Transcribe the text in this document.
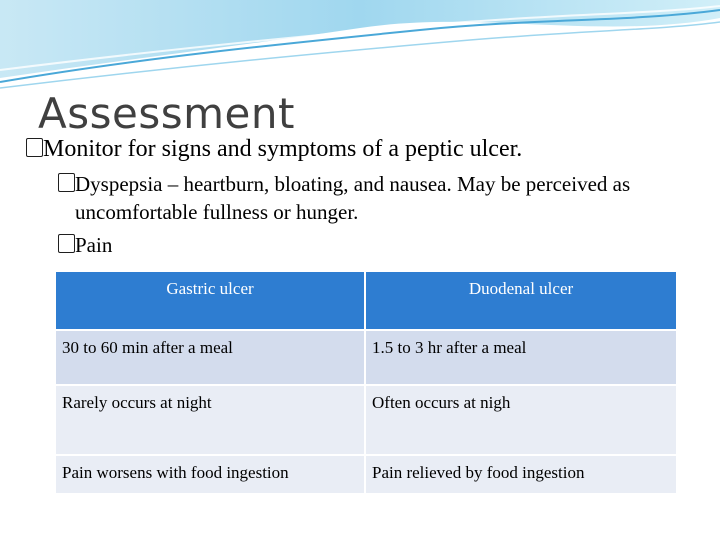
Assessment
Monitor for signs and symptoms of a peptic ulcer.
Dyspepsia – heartburn, bloating, and nausea. May be perceived as uncomfortable fullness or hunger.
Pain
Gastric ulcer	Duodenal ulcer
30 to 60 min after a meal	1.5 to 3 hr after a meal
Rarely occurs at night	Often occurs at nigh
Pain worsens with food ingestion	Pain relieved by food ingestion
